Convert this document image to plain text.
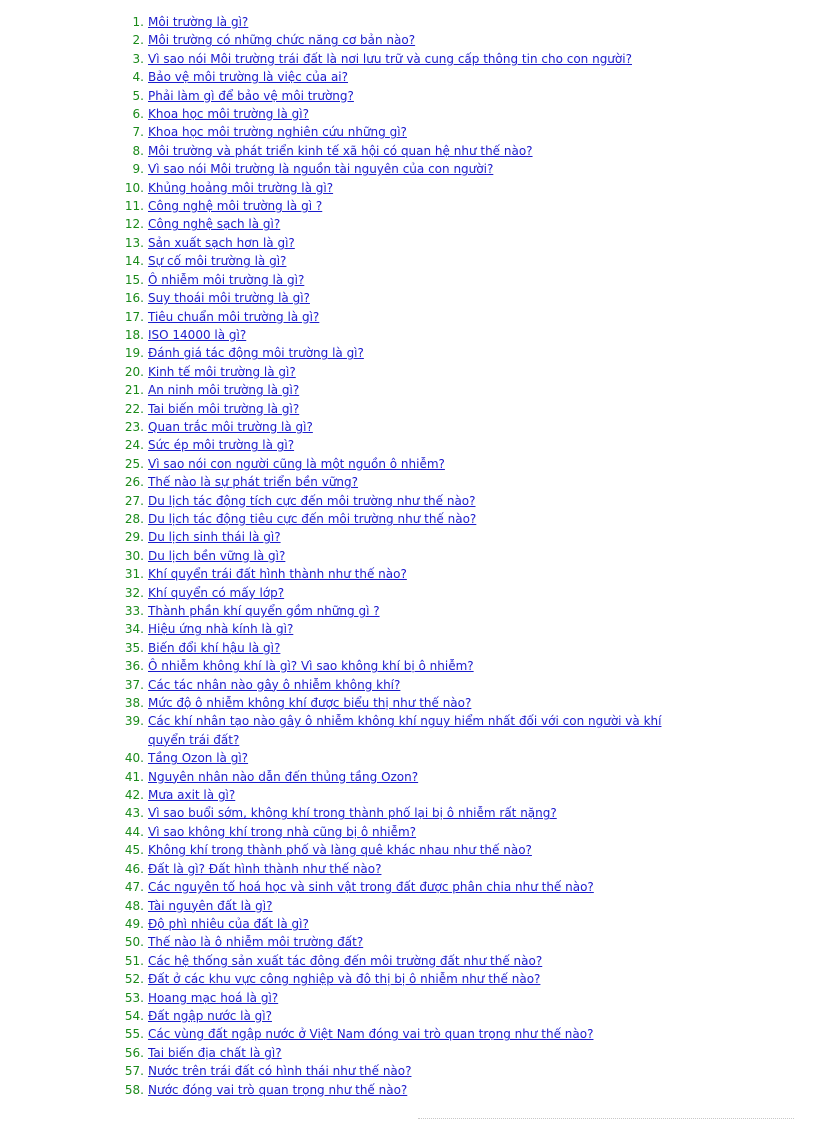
1. Môi trường là gì?
2. Môi trường có những chức năng cơ bản nào?
3. Vì sao nói Môi trường trái đất là nơi lưu trữ và cung cấp thông tin cho con người?
4. Bảo vệ môi trường là việc của ai?
5. Phải làm gì để bảo vệ môi trường?
6. Khoa học môi trường là gì?
7. Khoa học môi trường nghiên cứu những gì?
8. Môi trường và phát triển kinh tế xã hội có quan hệ như thế nào?
9. Vì sao nói Môi trường là nguồn tài nguyên của con người?
10. Khủng hoảng môi trường là gì?
11. Công nghệ môi trường là gì ?
12. Công nghệ sạch là gì?
13. Sản xuất sạch hơn là gì?
14. Sự cố môi trường là gì?
15. Ô nhiễm môi trường là gì?
16. Suy thoái môi trường là gì?
17. Tiêu chuẩn môi trường là gì?
18. ISO 14000 là gì?
19. Đánh giá tác động môi trường là gì?
20. Kinh tế môi trường là gì?
21. An ninh môi trường là gì?
22. Tai biến môi trường là gì?
23. Quan trắc môi trường là gì?
24. Sức ép môi trường là gì?
25. Vì sao nói con người cũng là một nguồn ô nhiễm?
26. Thế nào là sự phát triển bền vững?
27. Du lịch tác động tích cực đến môi trường như thế nào?
28. Du lịch tác động tiêu cực đến môi trường như thế nào?
29. Du lịch sinh thái là gì?
30. Du lịch bền vững là gì?
31. Khí quyển trái đất hình thành như thế nào?
32. Khí quyển có mấy lớp?
33. Thành phần khí quyển gồm những gì ?
34. Hiệu ứng nhà kính là gì?
35. Biến đổi khí hậu là gì?
36. Ô nhiễm không khí là gì? Vì sao không khí bị ô nhiễm?
37. Các tác nhân nào gây ô nhiễm không khí?
38. Mức độ ô nhiễm không khí được biểu thị như thế nào?
39. Các khí nhân tạo nào gây ô nhiễm không khí nguy hiểm nhất đối với con người và khí quyển trái đất?
40. Tầng Ozon là gì?
41. Nguyên nhân nào dẫn đến thủng tầng Ozon?
42. Mưa axit là gì?
43. Vì sao buổi sớm, không khí trong thành phố lại bị ô nhiễm rất nặng?
44. Vì sao không khí trong nhà cũng bị ô nhiễm?
45. Không khí trong thành phố và làng quê khác nhau như thế nào?
46. Đất là gì? Đất hình thành như thế nào?
47. Các nguyên tố hoá học và sinh vật trong đất được phân chia như thế nào?
48. Tài nguyên đất là gì?
49. Độ phì nhiêu của đất là gì?
50. Thế nào là ô nhiễm môi trường đất?
51. Các hệ thống sản xuất tác động đến môi trường đất như thế nào?
52. Đất ở các khu vực công nghiệp và đô thị bị ô nhiễm như thế nào?
53. Hoang mạc hoá là gì?
54. Đất ngập nước là gì?
55. Các vùng đất ngập nước ở Việt Nam đóng vai trò quan trọng như thế nào?
56. Tai biến địa chất là gì?
57. Nước trên trái đất có hình thái như thế nào?
58. Nước đóng vai trò quan trọng như thế nào?
